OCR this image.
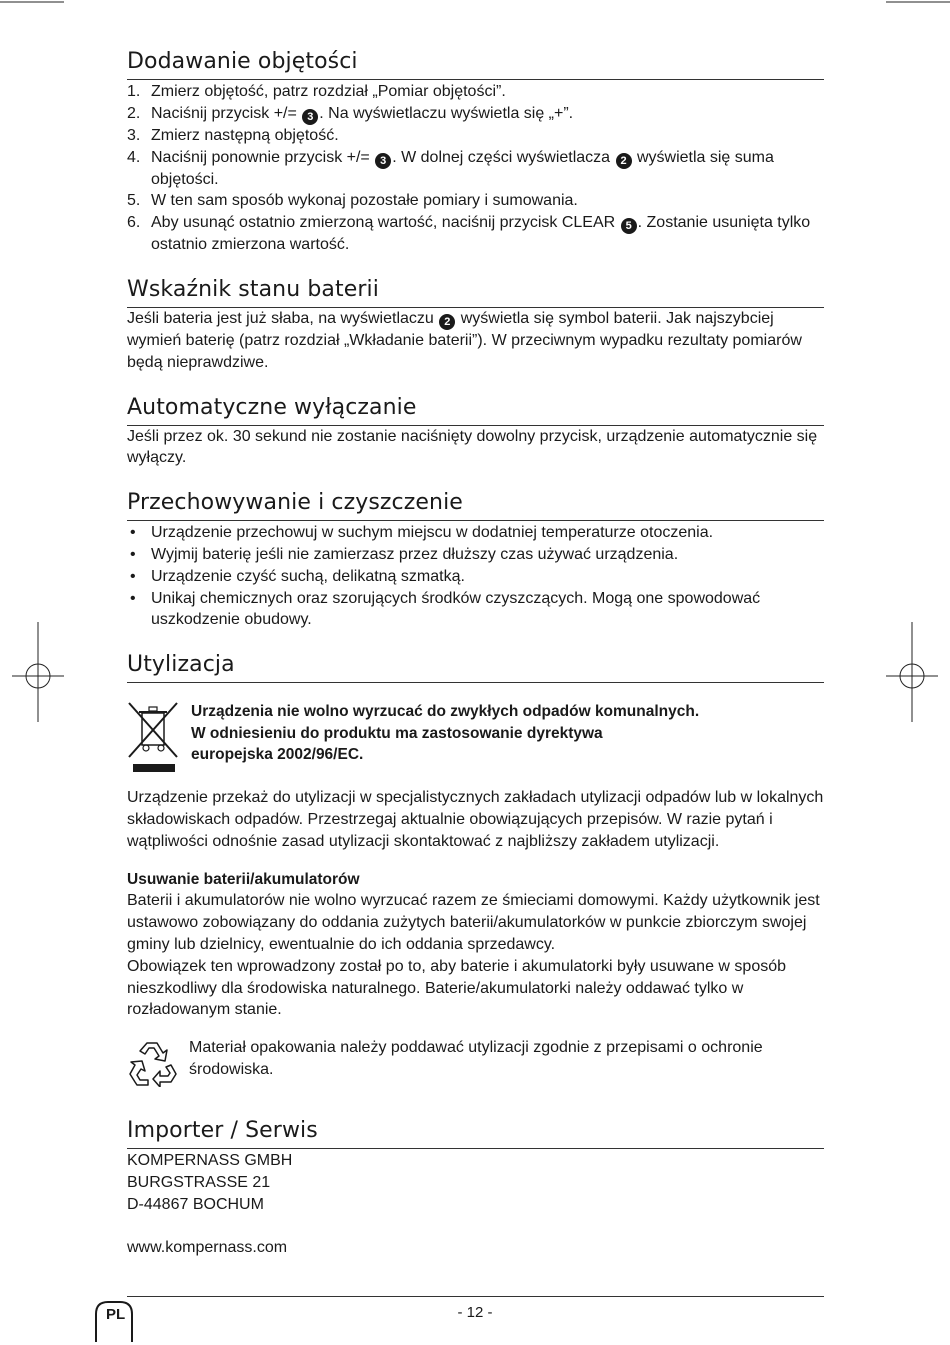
Dodawanie objętości
1. Zmierz objętość, patrz rozdział „Pomiar objętości”.
2. Naciśnij przycisk +/= 3 . Na wyświetlaczu wyświetla się „+”.
3. Zmierz następną objętość.
4. Naciśnij ponownie przycisk +/= 3 . W dolnej części wyświetlacza 2 wyświetla się suma objętości.
5. W ten sam sposób wykonaj pozostałe pomiary i sumowania.
6. Aby usunąć ostatnio zmierzoną wartość, naciśnij przycisk CLEAR 5 . Zostanie usunięta tylko ostatnio zmierzona wartość.
Wskaźnik stanu baterii

Jeśli bateria jest już słaba, na wyświetlaczu 2 wyświetla się symbol baterii. Jak najszybciej wymień baterię (patrz rozdział „Wkładanie baterii”). W przeciwnym wypadku rezultaty pomiarów będą nieprawdziwe.

Automatyczne wyłączanie

Jeśli przez ok. 30 sekund nie zostanie naciśnięty dowolny przycisk, urządzenie automatycznie się wyłączy.

Przechowywanie i czyszczenie
• Urządzenie przechowuj w suchym miejscu w dodatniej temperaturze otoczenia.
• Wyjmij baterię jeśli nie zamierzasz przez dłuższy czas używać urządzenia.
• Urządzenie czyść suchą, delikatną szmatką.
• Unikaj chemicznych oraz szorujących środków czyszczących. Mogą one spowodować uszkodzenie obudowy.
Utylizacja

Urządzenia nie wolno wyrzucać do zwykłych odpadów komunalnych.

W odniesieniu do produktu ma zastosowanie dyrektywa

europejska 2002/96/EC.

Urządzenie przekaż do utylizacji w specjalistycznych zakładach utylizacji odpadów lub w lokalnych składowiskach odpadów. Przestrzegaj aktualnie obowiązujących przepisów. W razie pytań i wątpliwości odnośnie zasad utylizacji skontaktować z najbliższy zakładem utylizacji.

Usuwanie baterii/akumulatorów

Baterii i akumulatorów nie wolno wyrzucać razem ze śmieciami domowymi. Każdy użytkownik jest ustawowo zobowiązany do oddania zużytych baterii/akumulatorków w punkcie zbiorczym swojej gminy lub dzielnicy, ewentualnie do ich oddania sprzedawcy.

Obowiązek ten wprowadzony został po to, aby baterie i akumulatorki były usuwane w sposób nieszkodliwy dla środowiska naturalnego. Baterie/akumulatorki należy oddawać tylko w rozładowanym stanie.

Materiał opakowania należy poddawać utylizacji zgodnie z przepisami o ochronie środowiska.

Importer / Serwis

KOMPERNASS GMBH

BURGSTRASSE 21

D-44867 BOCHUM

www.kompernass.com

PL	- 12 -
